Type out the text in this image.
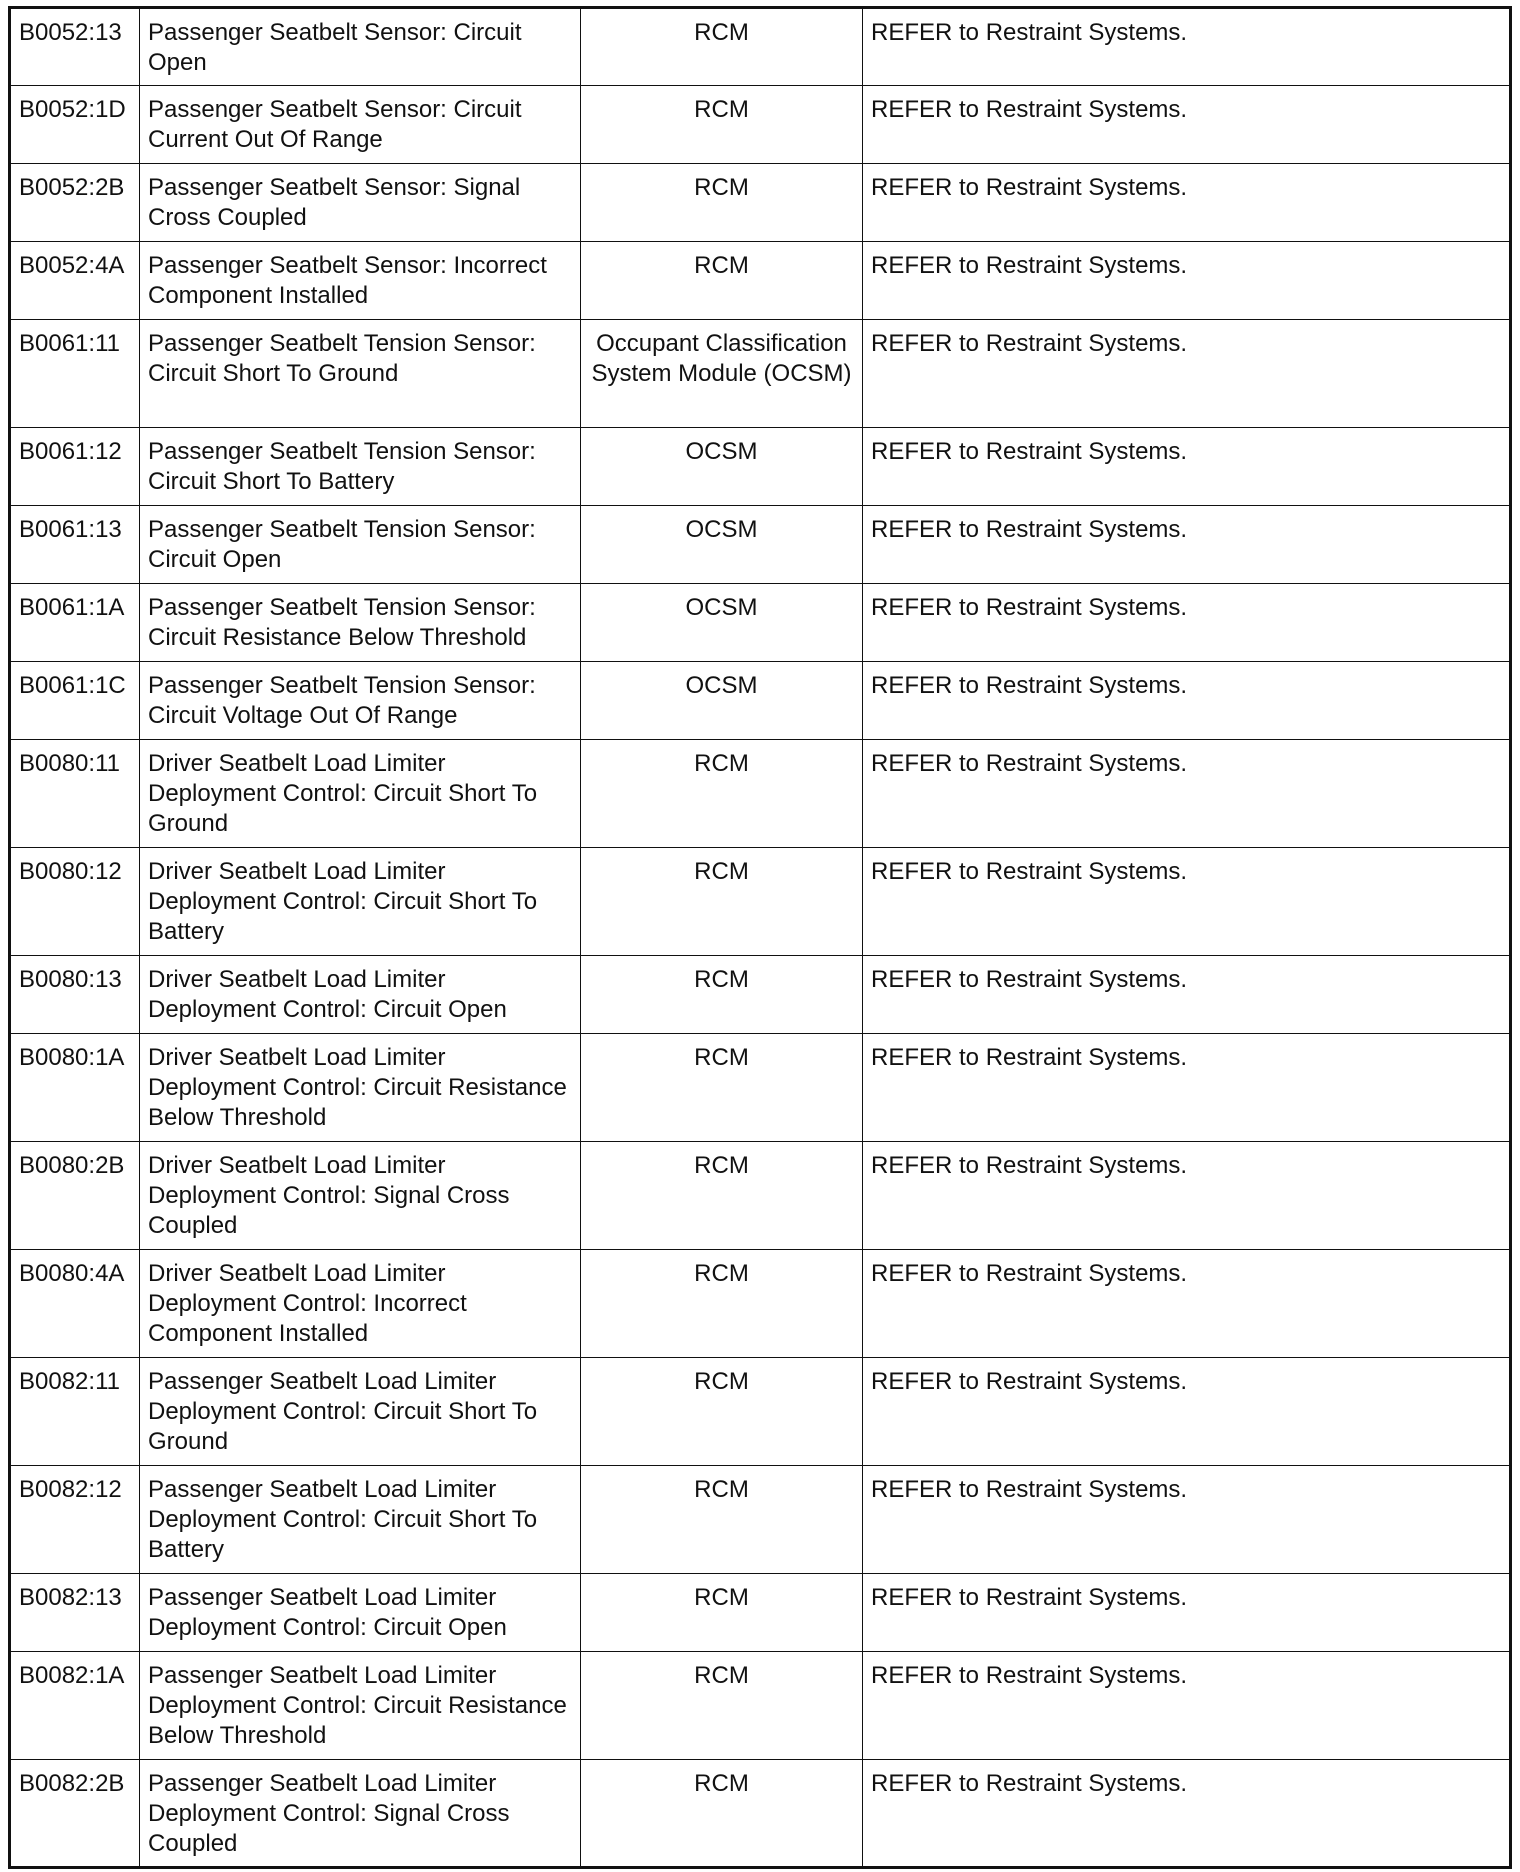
B0052:13	Passenger Seatbelt Sensor: Circuit Open	RCM	REFER to Restraint Systems.
B0052:1D	Passenger Seatbelt Sensor: Circuit Current Out Of Range	RCM	REFER to Restraint Systems.
B0052:2B	Passenger Seatbelt Sensor: Signal Cross Coupled	RCM	REFER to Restraint Systems.
B0052:4A	Passenger Seatbelt Sensor: Incorrect Component Installed	RCM	REFER to Restraint Systems.
B0061:11	Passenger Seatbelt Tension Sensor: Circuit Short To Ground	Occupant Classification System Module (OCSM)	REFER to Restraint Systems.
B0061:12	Passenger Seatbelt Tension Sensor: Circuit Short To Battery	OCSM	REFER to Restraint Systems.
B0061:13	Passenger Seatbelt Tension Sensor: Circuit Open	OCSM	REFER to Restraint Systems.
B0061:1A	Passenger Seatbelt Tension Sensor: Circuit Resistance Below Threshold	OCSM	REFER to Restraint Systems.
B0061:1C	Passenger Seatbelt Tension Sensor: Circuit Voltage Out Of Range	OCSM	REFER to Restraint Systems.
B0080:11	Driver Seatbelt Load Limiter Deployment Control: Circuit Short To Ground	RCM	REFER to Restraint Systems.
B0080:12	Driver Seatbelt Load Limiter Deployment Control: Circuit Short To Battery	RCM	REFER to Restraint Systems.
B0080:13	Driver Seatbelt Load Limiter Deployment Control: Circuit Open	RCM	REFER to Restraint Systems.
B0080:1A	Driver Seatbelt Load Limiter Deployment Control: Circuit Resistance Below Threshold	RCM	REFER to Restraint Systems.
B0080:2B	Driver Seatbelt Load Limiter Deployment Control: Signal Cross Coupled	RCM	REFER to Restraint Systems.
B0080:4A	Driver Seatbelt Load Limiter Deployment Control: Incorrect Component Installed	RCM	REFER to Restraint Systems.
B0082:11	Passenger Seatbelt Load Limiter Deployment Control: Circuit Short To Ground	RCM	REFER to Restraint Systems.
B0082:12	Passenger Seatbelt Load Limiter Deployment Control: Circuit Short To Battery	RCM	REFER to Restraint Systems.
B0082:13	Passenger Seatbelt Load Limiter Deployment Control: Circuit Open	RCM	REFER to Restraint Systems.
B0082:1A	Passenger Seatbelt Load Limiter Deployment Control: Circuit Resistance Below Threshold	RCM	REFER to Restraint Systems.
B0082:2B	Passenger Seatbelt Load Limiter Deployment Control: Signal Cross Coupled	RCM	REFER to Restraint Systems.
